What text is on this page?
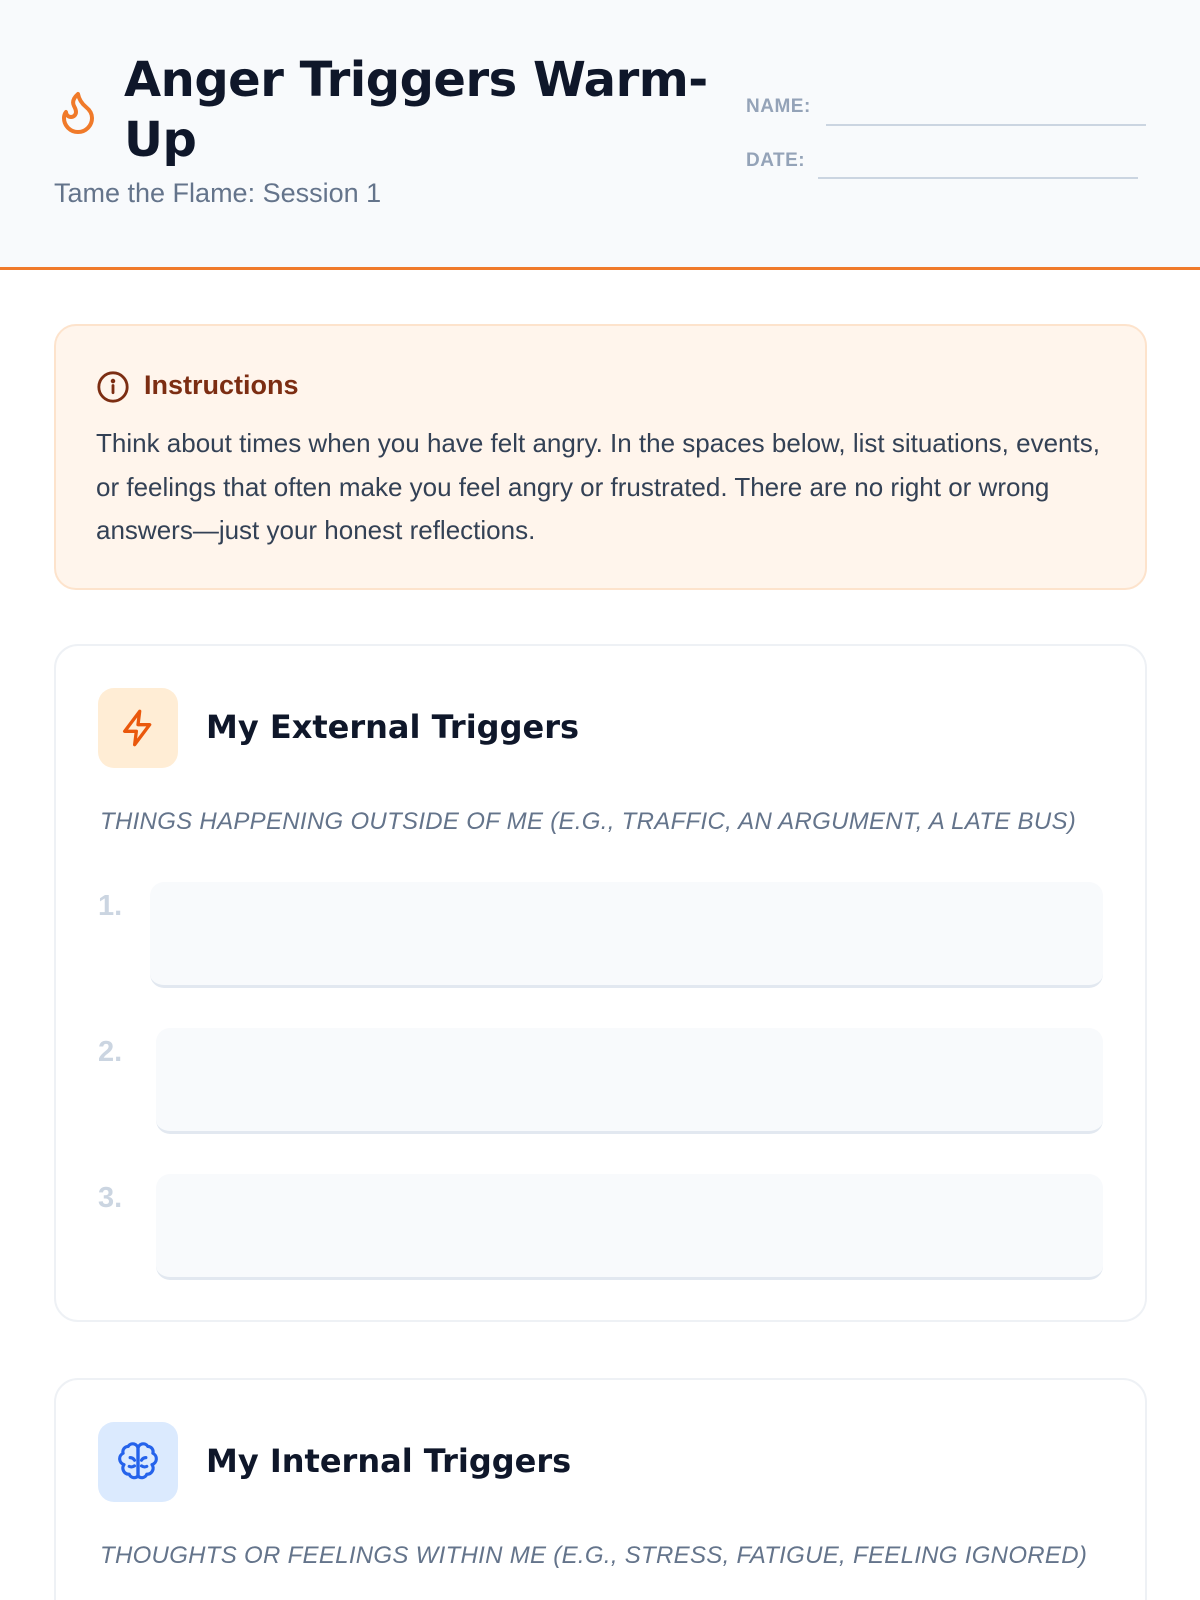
Anger Triggers Warm-Up
Tame the Flame: Session 1
NAME:
DATE:
Instructions
Think about times when you have felt angry. In the spaces below, list situations, events, or feelings that often make you feel angry or frustrated. There are no right or wrong answers—just your honest reflections.
My External Triggers
THINGS HAPPENING OUTSIDE OF ME (E.G., TRAFFIC, AN ARGUMENT, A LATE BUS)
1.
2.
3.
My Internal Triggers
THOUGHTS OR FEELINGS WITHIN ME (E.G., STRESS, FATIGUE, FEELING IGNORED)
